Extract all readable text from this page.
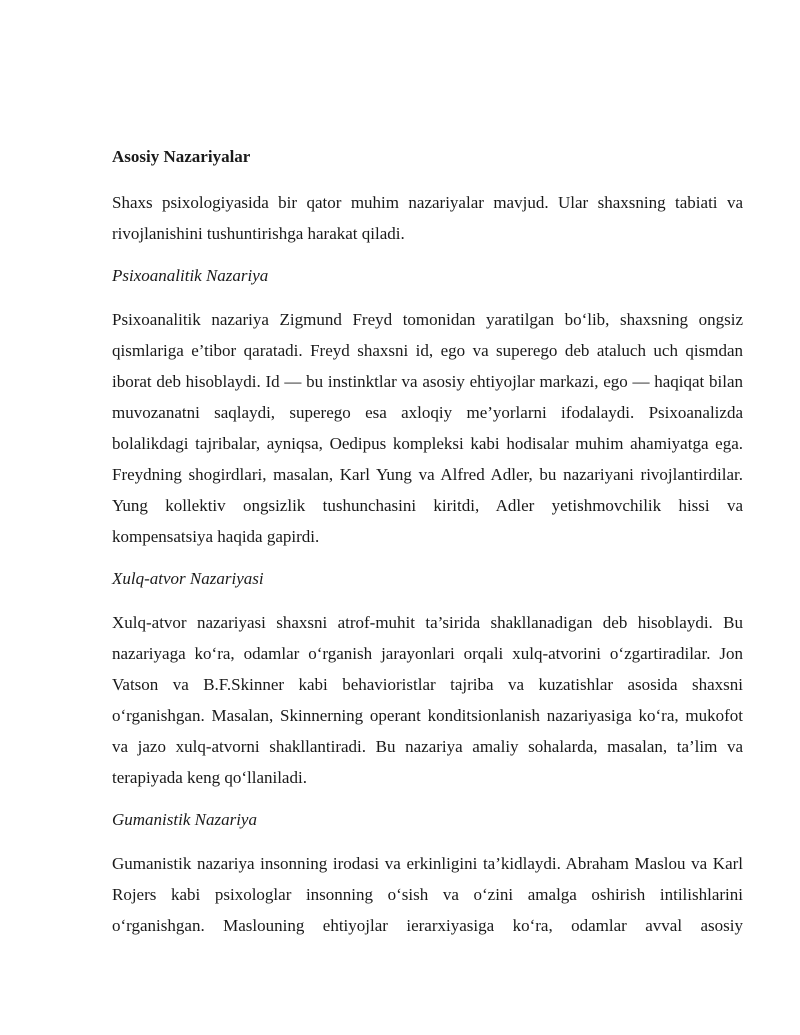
Asosiy Nazariyalar

Shaxs psixologiyasida bir qator muhim nazariyalar mavjud. Ular shaxsning tabiati va rivojlanishini tushuntirishga harakat qiladi.

Psixoanalitik Nazariya

Psixoanalitik nazariya Zigmund Freyd tomonidan yaratilgan bo‘lib, shaxsning ongsiz qismlariga e’tibor qaratadi. Freyd shaxsni id, ego va superego deb ataluch uch qismdan iborat deb hisoblaydi. Id — bu instinktlar va asosiy ehtiyojlar markazi, ego — haqiqat bilan muvozanatni saqlaydi, superego esa axloqiy me’yorlarni ifodalaydi. Psixoanalizda bolalikdagi tajribalar, ayniqsa, Oedipus kompleksi kabi hodisalar muhim ahamiyatga ega. Freydning shogirdlari, masalan, Karl Yung va Alfred Adler, bu nazariyani rivojlantirdilar. Yung kollektiv ongsizlik tushunchasini kiritdi, Adler yetishmovchilik hissi va kompensatsiya haqida gapirdi.

Xulq-atvor Nazariyasi

Xulq-atvor nazariyasi shaxsni atrof-muhit ta’sirida shakllanadigan deb hisoblaydi. Bu nazariyaga ko‘ra, odamlar o‘rganish jarayonlari orqali xulq-atvorini o‘zgartiradilar. Jon Vatson va B.F.Skinner kabi behavioristlar tajriba va kuzatishlar asosida shaxsni o‘rganishgan. Masalan, Skinnerning operant konditsionlanish nazariyasiga ko‘ra, mukofot va jazo xulq-atvorni shakllantiradi. Bu nazariya amaliy sohalarda, masalan, ta’lim va terapiyada keng qo‘llaniladi.

Gumanistik Nazariya

Gumanistik nazariya insonning irodasi va erkinligini ta’kidlaydi. Abraham Maslou va Karl Rojers kabi psixologlar insonning o‘sish va o‘zini amalga oshirish intilishlarini o‘rganishgan. Maslouning ehtiyojlar ierarxiyasiga ko‘ra, odamlar avval asosiy
